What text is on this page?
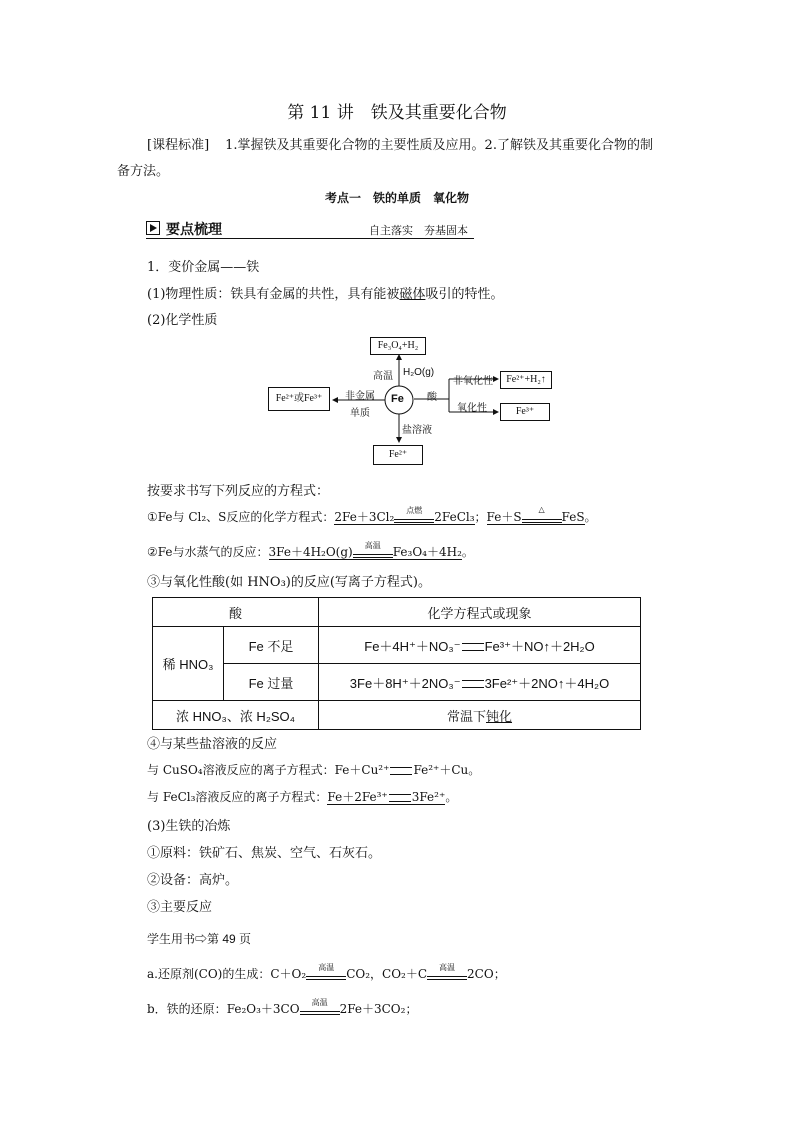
第 11 讲　铁及其重要化合物
[课程标准] 1.掌握铁及其重要化合物的主要性质及应用。2.了解铁及其重要化合物的制
备方法。
考点一　铁的单质　氧化物
要点梳理	自主落实　夯基固本
1．变价金属——铁
(1)物理性质：铁具有金属的共性，具有能被磁体吸引的特性。
(2)化学性质
Fe
Fe₃O₄+H₂
Fe²⁺或Fe³⁺
Fe²⁺+H₂↑
Fe³⁺
Fe²⁺
高温 H₂O(g)
非金属
单质
酸
非氧化性
氧化性
盐溶液
按要求书写下列反应的方程式：
①Fe与 Cl₂、S反应的化学方程式：2Fe＋3Cl₂	点燃	2FeCl₃；Fe＋S
△
FeS。
②Fe与水蒸气的反应：3Fe＋4H₂O(g)	高温	Fe₃O₄＋4H₂。
③与氧化性酸(如 HNO₃)的反应(写离子方程式)。
酸		化学方程式或现象
稀 HNO₃	Fe 不足	Fe＋4H⁺＋NO₃⁻ Fe³⁺＋NO↑＋2H₂O
	Fe 过量	3Fe＋8H⁺＋2NO₃⁻ 3Fe²⁺＋2NO↑＋4H₂O
浓 HNO₃、浓 H₂SO₄		常温下钝化
④与某些盐溶液的反应
与 CuSO₄溶液反应的离子方程式：Fe＋Cu²⁺ Fe²⁺＋Cu。
与 FeCl₃溶液反应的离子方程式：Fe＋2Fe³⁺ 3Fe²⁺。
(3)生铁的冶炼
①原料：铁矿石、焦炭、空气、石灰石。
②设备：高炉。
③主要反应
学生用书⇨第 49 页
a.还原剂(CO)的生成：C＋O₂	高温	CO₂，CO₂＋C	高温	2CO；
b．铁的还原：Fe₂O₃＋3CO	高温	2Fe＋3CO₂；
